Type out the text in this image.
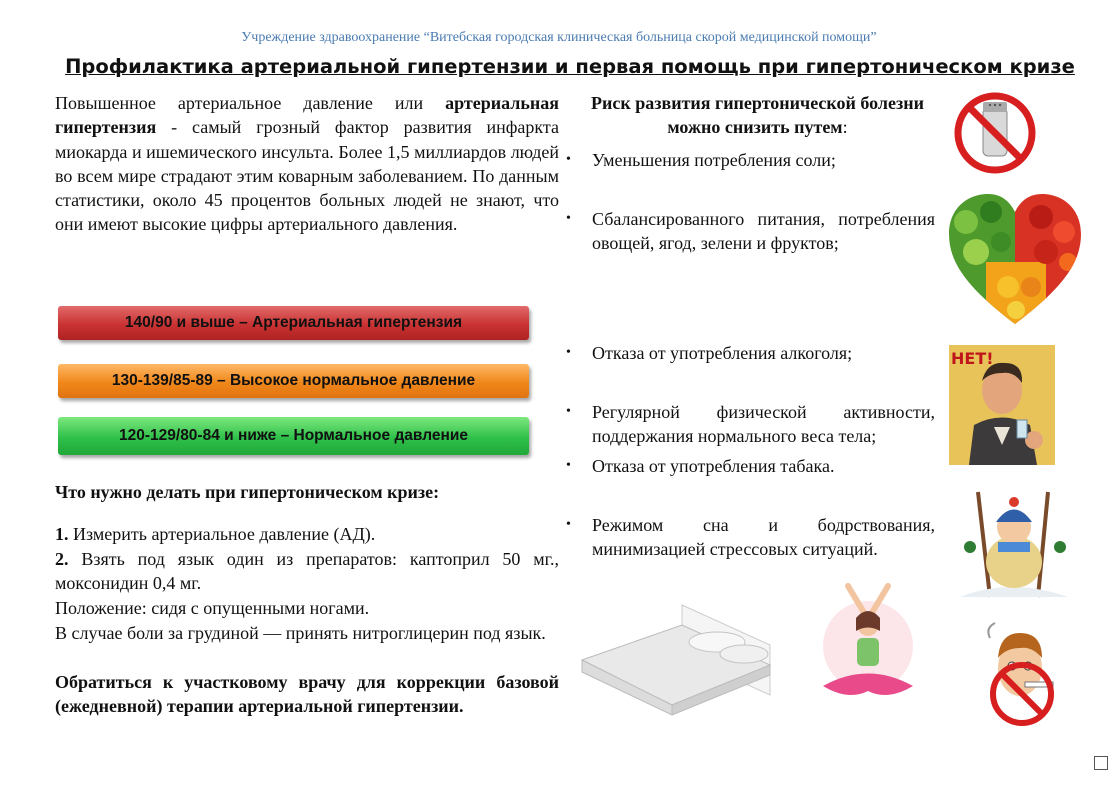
Учреждение здравоохранение “Витебская городская клиническая больница скорой медицинской помощи”
Профилактика артериальной гипертензии и первая помощь при гипертоническом кризе

Повышенное артериальное давление или артериальная гипертензия - самый грозный фактор развития инфаркта миокарда и ишемического инсульта. Более 1,5 миллиардов людей во всем мире страдают этим коварным заболеванием. По данным статистики, около 45 процентов больных людей не знают, что они имеют высокие цифры артериального давления.

140/90 и выше – Артериальная гипертензия
130-139/85-89 – Высокое нормальное давление
120-129/80-84 и ниже – Нормальное давление
Что нужно делать при гипертоническом кризе:

1. Измерить артериальное давление (АД).

2. Взять под язык один из препаратов: каптоприл 50 мг., моксонидин 0,4 мг.

Положение: сидя с опущенными ногами.

В случае боли за грудиной — принять нитроглицерин под язык.

Обратиться к участковому врачу для коррекции базовой (ежедневной) терапии артериальной гипертензии.

Риск развития гипертонической болезни можно снизить путем:

• Уменьшения потребления соли;

• Сбалансированного питания, потребления овощей, ягод, зелени и фруктов;

• Отказа от употребления алкоголя;

• Регулярной физической активности, поддержания нормального веса тела;

• Отказа от употребления табака.

• Режимом сна и бодрствования, минимизацией стрессовых ситуаций.

НЕТ!
